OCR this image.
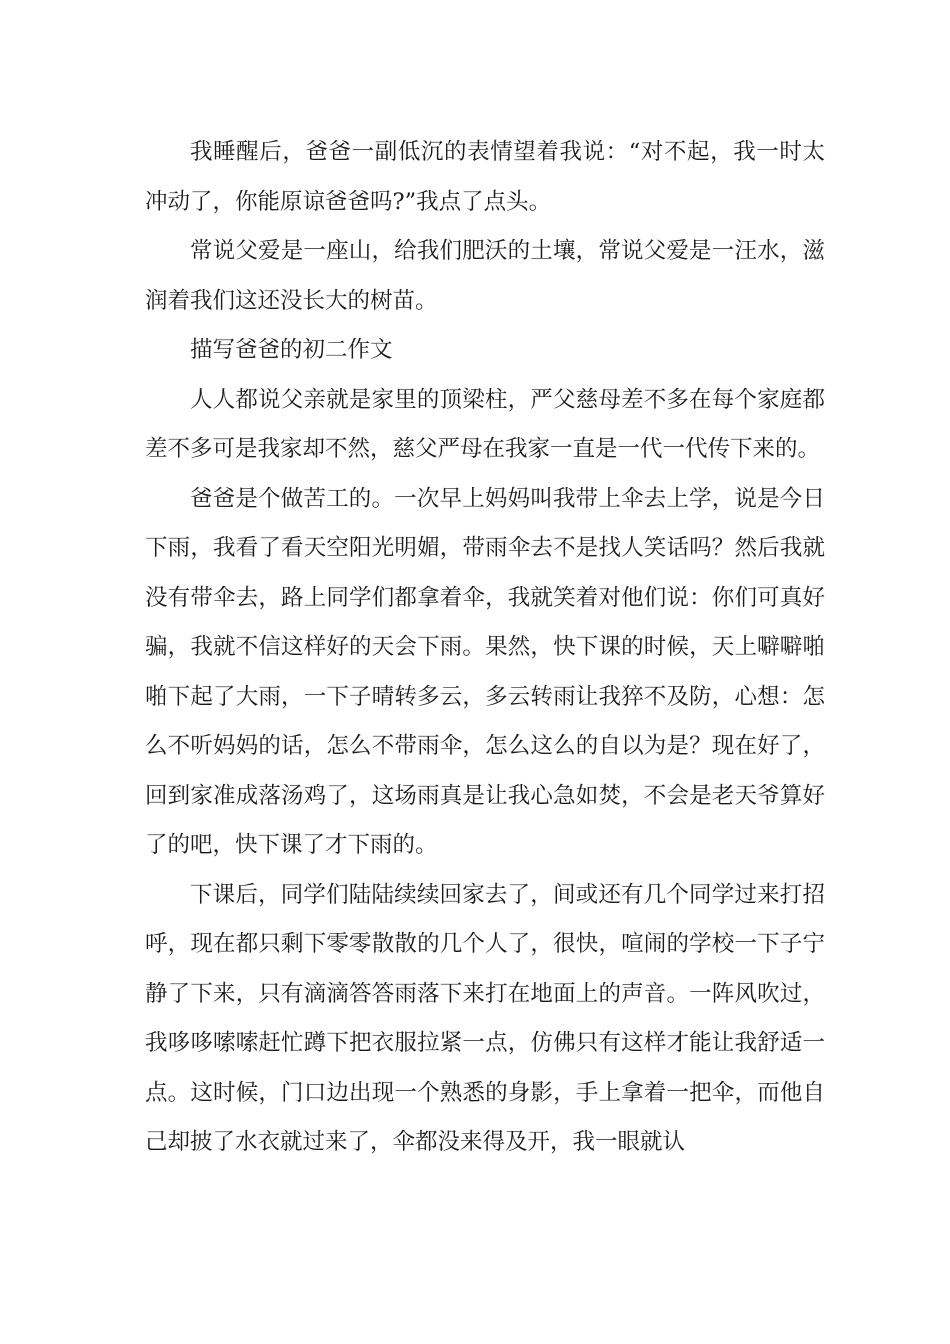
我睡醒后，爸爸一副低沉的表情望着我说：“对不起，我一时太冲动了，你能原谅爸爸吗?”我点了点头。

常说父爱是一座山，给我们肥沃的土壤，常说父爱是一汪水，滋润着我们这还没长大的树苗。

描写爸爸的初二作文

人人都说父亲就是家里的顶梁柱，严父慈母差不多在每个家庭都差不多可是我家却不然，慈父严母在我家一直是一代一代传下来的。

爸爸是个做苦工的。一次早上妈妈叫我带上伞去上学，说是今日下雨，我看了看天空阳光明媚，带雨伞去不是找人笑话吗？然后我就没有带伞去，路上同学们都拿着伞，我就笑着对他们说：你们可真好骗，我就不信这样好的天会下雨。果然，快下课的时候，天上噼噼啪啪下起了大雨，一下子晴转多云，多云转雨让我猝不及防，心想：怎么不听妈妈的话，怎么不带雨伞，怎么这么的自以为是？现在好了，回到家准成落汤鸡了，这场雨真是让我心急如焚，不会是老天爷算好了的吧，快下课了才下雨的。

下课后，同学们陆陆续续回家去了，间或还有几个同学过来打招呼，现在都只剩下零零散散的几个人了，很快，喧闹的学校一下子宁静了下来，只有滴滴答答雨落下来打在地面上的声音。一阵风吹过，我哆哆嗦嗦赶忙蹲下把衣服拉紧一点，仿佛只有这样才能让我舒适一点。这时候，门口边出现一个熟悉的身影，手上拿着一把伞，而他自己却披了水衣就过来了，伞都没来得及开，我一眼就认
